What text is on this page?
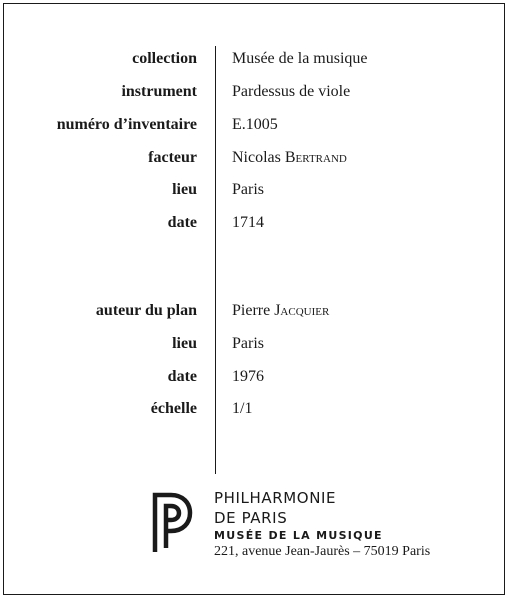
collection Musée de la musique
instrument Pardessus de viole
numéro d’inventaire E.1005
facteur Nicolas Bertrand
lieu Paris
date 1714
auteur du plan Pierre Jacquier
lieu Paris
date 1976
échelle 1/1
PHILHARMONIE
DE PARIS
MUSÉE DE LA MUSIQUE
221, avenue Jean-Jaurès – 75019 Paris
